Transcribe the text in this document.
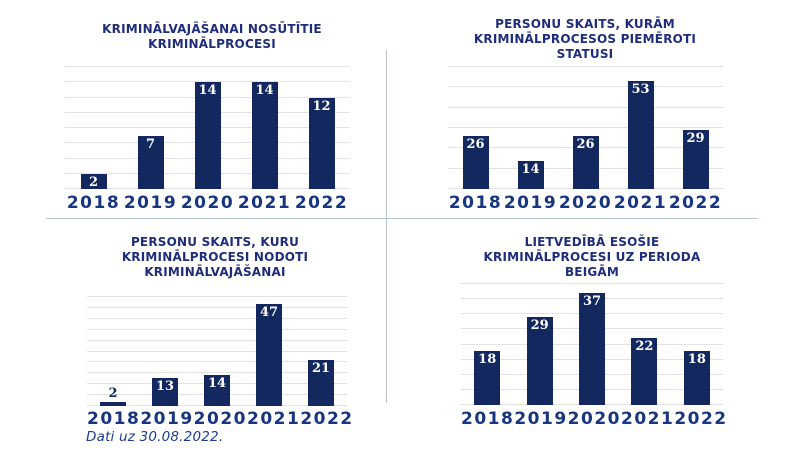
KRIMINĀLVAJĀŠANAI NOSŪTĪTIE
KRIMINĀLPROCESI
2
7
14	14
12
2018 2019 2020 2021 2022
PERSONU SKAITS, KURĀM
KRIMINĀLPROCESOS PIEMĒROTI
STATUSI
26
14
26
53
29
2018 2019 2020 2021 2022
PERSONU SKAITS, KURU
KRIMINĀLPROCESI NODOTI
KRIMINĀLVAJĀŠANAI
2	13	14
47
21
2018 2019 2020 2021 2022
LIETVEDĪBĀ ESOŠIE
KRIMINĀLPROCESI UZ PERIODA
BEIGĀM
18
29
37
22
18
2018 2019 2020 2021 2022

Dati uz 30.08.2022.
